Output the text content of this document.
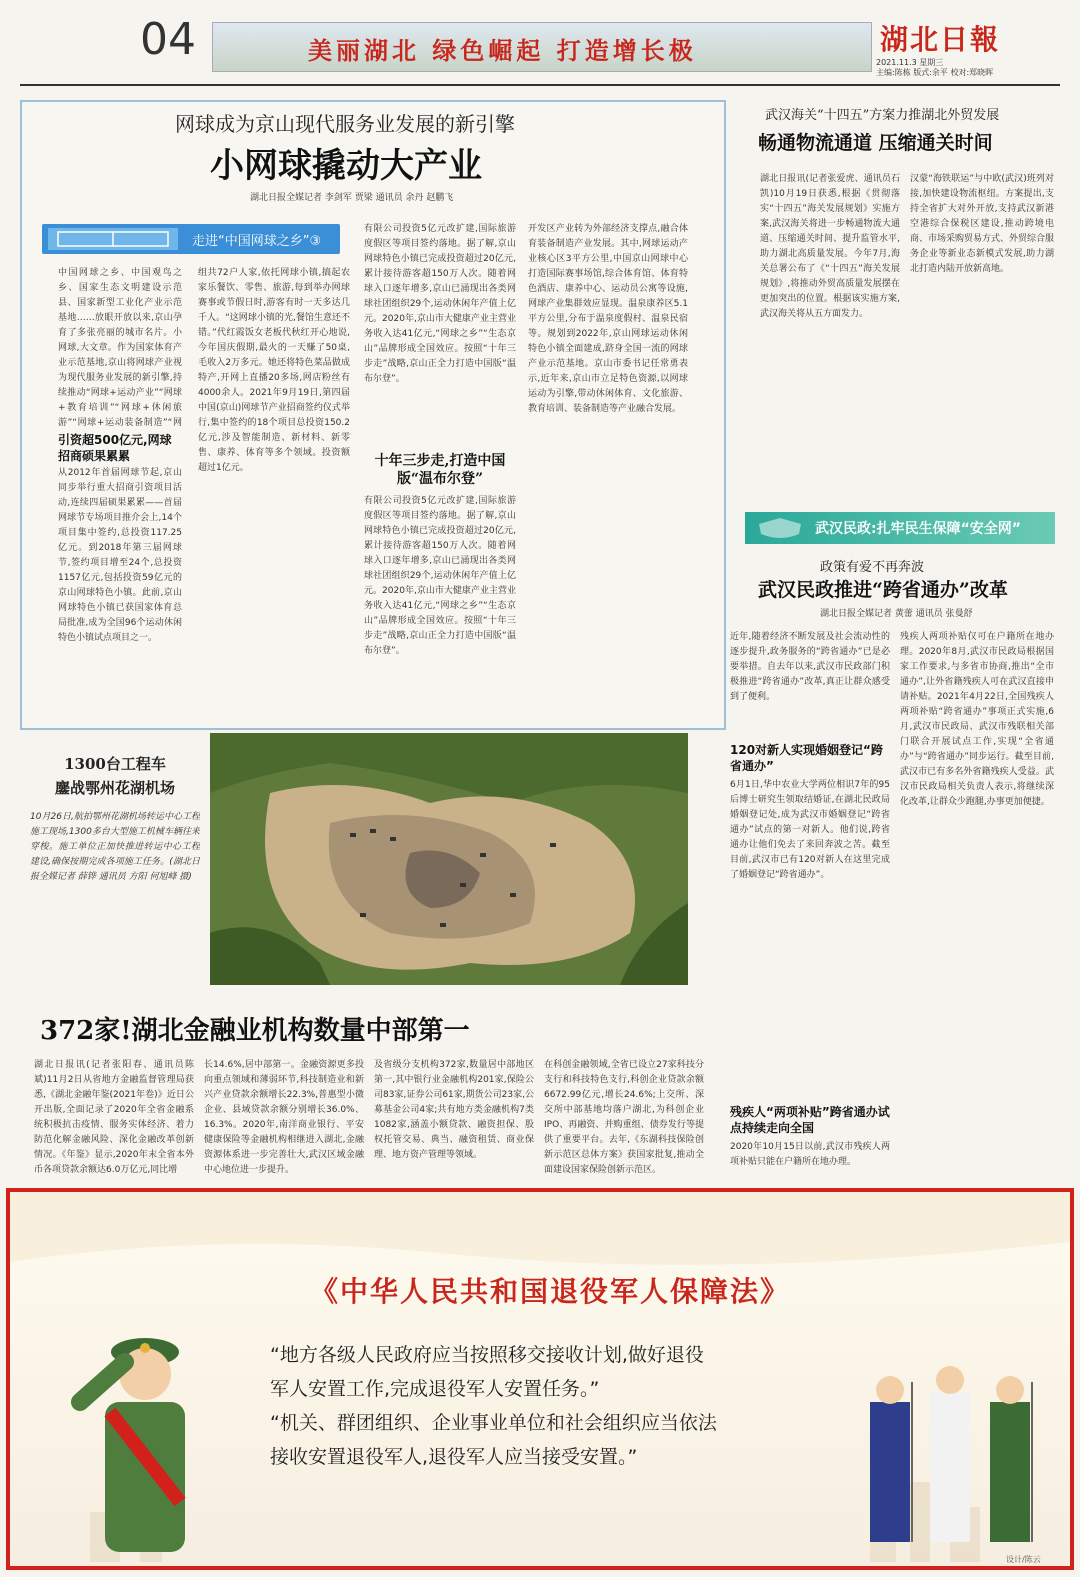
04	美丽湖北 绿色崛起 打造增长极	湖北日報
2021.11.3 星期三
主编:陈栋 版式:余平 校对:郑晓晖
网球成为京山现代服务业发展的新引擎
小网球撬动大产业
湖北日报全媒记者 李剑军 贾梁 通讯员 余丹 赵鹏飞
走进“中国网球之乡”③
中国网球之乡、中国观鸟之乡、国家生态文明建设示范县、国家新型工业化产业示范基地……放眼开放以来,京山孕育了多张亮丽的城市名片。小网球,大文章。作为国家体育产业示范基地,京山将网球产业视为现代服务业发展的新引擎,持续推动“网球+运动产业”“网球+教育培训”“网球+休闲旅游”“网球+运动装备制造”“网
引资超500亿元,网球招商硕果累累
从2012年首届网球节起,京山同步举行重大招商引资项目活动,连续四届硕果累累——首届网球节专场项目推介会上,14个项目集中签约,总投资117.25亿元。到2018年第三届网球节,签约项目增至24个,总投资1157亿元,包括投资59亿元的京山网球特色小镇。此前,京山网球特色小镇已获国家体育总局批准,成为全国96个运动休闲特色小镇试点项目之一。
组共72户人家,依托网球小镇,搞起农家乐餐饮、零售、旅游,每到举办网球赛事或节假日时,游客有时一天多达几千人。“这网球小镇的光,餐馆生意还不错。”代红霞饭女老板代秋红开心地说,今年国庆假期,最火的一天赚了50桌,毛收入2万多元。她还将特色菜品做成特产,开网上直播20多场,网店粉丝有4000余人。2021年9月19日,第四届中国(京山)网球节产业招商签约仪式举行,集中签约的18个项目总投资150.2亿元,涉及智能制造、新材料、新零售、康养、体育等多个领域。投资额超过1亿元。
有限公司投资5亿元改扩建,国际旅游度假区等项目签约落地。据了解,京山网球特色小镇已完成投资超过20亿元,累计接待游客超150万人次。随着网球入口逐年增多,京山已涌现出各类网球社团组织29个,运动休闲年产值上亿元。2020年,京山市大健康产业主营业务收入达41亿元,“网球之乡”“生态京山”品牌形成全国效应。按照“十年三步走”战略,京山正全力打造中国版“温布尔登”。
十年三步走,打造中国版“温布尔登”
有限公司投资5亿元改扩建,国际旅游度假区等项目签约落地。据了解,京山网球特色小镇已完成投资超过20亿元,累计接待游客超150万人次。随着网球入口逐年增多,京山已涌现出各类网球社团组织29个,运动休闲年产值上亿元。2020年,京山市大健康产业主营业务收入达41亿元,“网球之乡”“生态京山”品牌形成全国效应。按照“十年三步走”战略,京山正全力打造中国版“温布尔登”。
开发区产业转为外部经济支撑点,融合体育装备制造产业发展。其中,网球运动产业核心区3平方公里,中国京山网球中心打造国际赛事场馆,综合体育馆、体育特色酒店、康养中心、运动员公寓等设施,网球产业集群效应显现。温泉康养区5.1平方公里,分布于温泉度假村、温泉民宿等。规划到2022年,京山网球运动休闲特色小镇全面建成,跻身全国一流的网球产业示范基地。京山市委书记任常勇表示,近年来,京山市立足特色资源,以网球运动为引擎,带动休闲体育、文化旅游、教育培训、装备制造等产业融合发展。
武汉海关“十四五”方案力推湖北外贸发展
畅通物流通道 压缩通关时间
湖北日报讯(记者张爱虎、通讯员石凯)10月19日获悉,根据《贯彻落实“十四五”海关发展规划》实施方案,武汉海关将进一步畅通物流大通道、压缩通关时间、提升监管水平,助力湖北高质量发展。今年7月,海关总署公布了《“十四五”海关发展规划》,将推动外贸高质量发展摆在更加突出的位置。根据该实施方案,武汉海关将从五方面发力。
汉蒙“海铁联运”与中欧(武汉)班列对接,加快建设物流枢纽。方案提出,支持全省扩大对外开放,支持武汉新港空港综合保税区建设,推动跨境电商、市场采购贸易方式、外贸综合服务企业等新业态新模式发展,助力湖北打造内陆开放新高地。
武汉民政:扎牢民生保障“安全网”
政策有爱不再奔波
武汉民政推进“跨省通办”改革
湖北日报全媒记者 黄蕾 通讯员 张曼舒
近年,随着经济不断发展及社会流动性的逐步提升,政务服务的“跨省通办”已是必要举措。自去年以来,武汉市民政部门积极推进“跨省通办”改革,真正让群众感受到了便利。
120对新人实现婚姻登记“跨省通办”
6月1日,华中农业大学两位相识7年的95后博士研究生领取结婚证,在湖北民政局婚姻登记处,成为武汉市婚姻登记“跨省通办”试点的第一对新人。他们说,跨省通办让他们免去了来回奔波之苦。截至目前,武汉市已有120对新人在这里完成了婚姻登记“跨省通办”。
残疾人“两项补贴”跨省通办试点持续走向全国
2020年10月15日以前,武汉市残疾人两项补贴只能在户籍所在地办理。
残疾人两项补贴仅可在户籍所在地办理。2020年8月,武汉市民政局根据国家工作要求,与多省市协商,推出“全市通办”,让外省籍残疾人可在武汉直接申请补贴。2021年4月22日,全国残疾人两项补贴“跨省通办”事项正式实施,6月,武汉市民政局、武汉市残联相关部门联合开展试点工作,实现“全省通办”与“跨省通办”同步运行。截至目前,武汉市已有多名外省籍残疾人受益。武汉市民政局相关负责人表示,将继续深化改革,让群众少跑腿,办事更加便捷。
1300台工程车
鏖战鄂州花湖机场
10月26日,航拍鄂州花湖机场转运中心工程施工现场,1300多台大型施工机械车辆往来穿梭。施工单位正加快推进转运中心工程建设,确保按期完成各项施工任务。(湖北日报全媒记者 薛铧 通讯员 方阳 何旭峰 摄)
372家!湖北金融业机构数量中部第一
湖北日报讯(记者张阳春、通讯员陈斌)11月2日从省地方金融监督管理局获悉,《湖北金融年鉴(2021年卷)》近日公开出版,全面记录了2020年全省金融系统积极抗击疫情、服务实体经济、着力防范化解金融风险、深化金融改革创新情况。《年鉴》显示,2020年末全省本外币各项贷款余额达6.0万亿元,同比增
长14.6%,居中部第一。金融资源更多投向重点领域和薄弱环节,科技制造业和新兴产业贷款余额增长22.3%,普惠型小微企业、县域贷款余额分别增长36.0%、16.3%。2020年,南洋商业银行、平安健康保险等金融机构相继进入湖北,金融资源体系进一步完善壮大,武汉区域金融中心地位进一步提升。
及省级分支机构372家,数量居中部地区第一,其中银行业金融机构201家,保险公司83家,证券公司61家,期货公司23家,公募基金公司4家;共有地方类金融机构7类1082家,涵盖小额贷款、融资担保、股权托管交易、典当、融资租赁、商业保理、地方资产管理等领域。
在科创金融领域,全省已设立27家科技分支行和科技特色支行,科创企业贷款余额6672.99亿元,增长24.6%;上交所、深交所中部基地均落户湖北,为科创企业IPO、再融资、并购重组、债券发行等提供了重要平台。去年,《东湖科技保险创新示范区总体方案》获国家批复,推动全面建设国家保险创新示范区。
《中华人民共和国退役军人保障法》
“地方各级人民政府应当按照移交接收计划,做好退役
军人安置工作,完成退役军人安置任务。”
“机关、群团组织、企业事业单位和社会组织应当依法
接收安置退役军人,退役军人应当接受安置。”
设计/陈云
